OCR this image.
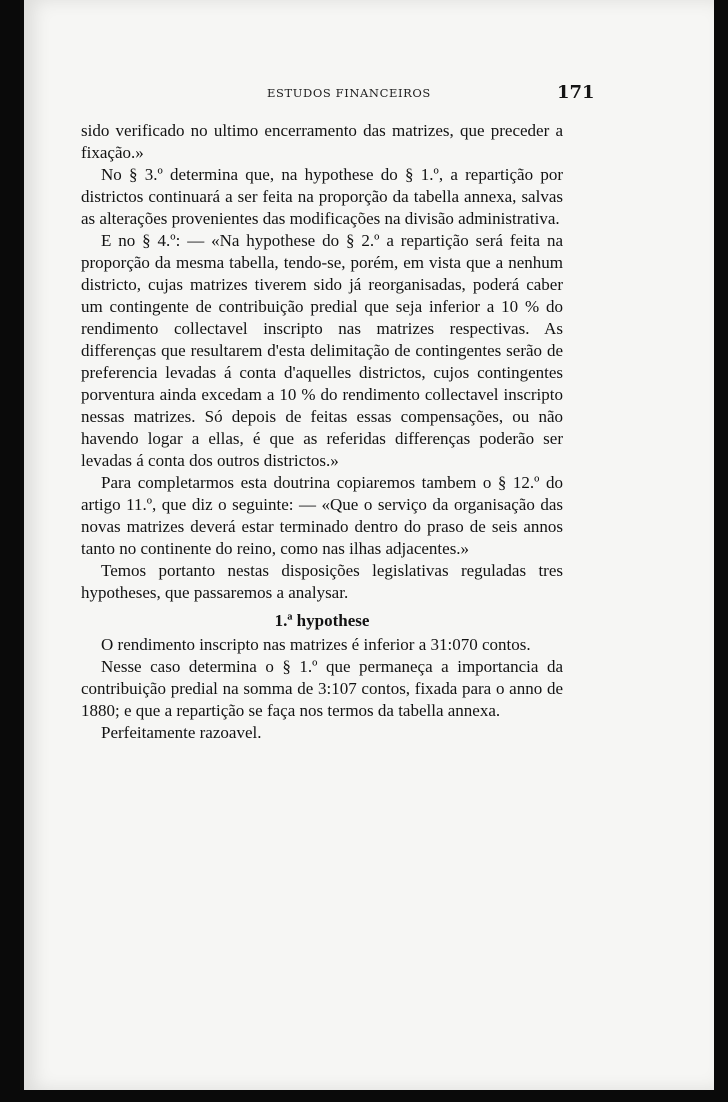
ESTUDOS FINANCEIROS	171

sido verificado no ultimo encerramento das matrizes, que preceder a fixação.»

No § 3.º determina que, na hypothese do § 1.º, a repartição por districtos continuará a ser feita na proporção da tabella annexa, salvas as alterações provenientes das modificações na divisão administrativa.

E no § 4.º: — «Na hypothese do § 2.º a repartição será feita na proporção da mesma tabella, tendo-se, porém, em vista que a nenhum districto, cujas matrizes tiverem sido já reorganisadas, poderá caber um contingente de contribuição predial que seja inferior a 10 % do rendimento collectavel inscripto nas matrizes respectivas. As differenças que resultarem d'esta delimitação de contingentes serão de preferencia levadas á conta d'aquelles districtos, cujos contingentes porventura ainda excedam a 10 % do rendimento collectavel inscripto nessas matrizes. Só depois de feitas essas compensações, ou não havendo logar a ellas, é que as referidas differenças poderão ser levadas á conta dos outros districtos.»

Para completarmos esta doutrina copiaremos tambem o § 12.º do artigo 11.º, que diz o seguinte: — «Que o serviço da organisação das novas matrizes deverá estar terminado dentro do praso de seis annos tanto no continente do reino, como nas ilhas adjacentes.»

Temos portanto nestas disposições legislativas reguladas tres hypotheses, que passaremos a analysar.

1.ª hypothese

O rendimento inscripto nas matrizes é inferior a 31:070 contos.

Nesse caso determina o § 1.º que permaneça a importancia da contribuição predial na somma de 3:107 contos, fixada para o anno de 1880; e que a repartição se faça nos termos da tabella annexa.

Perfeitamente razoavel.
